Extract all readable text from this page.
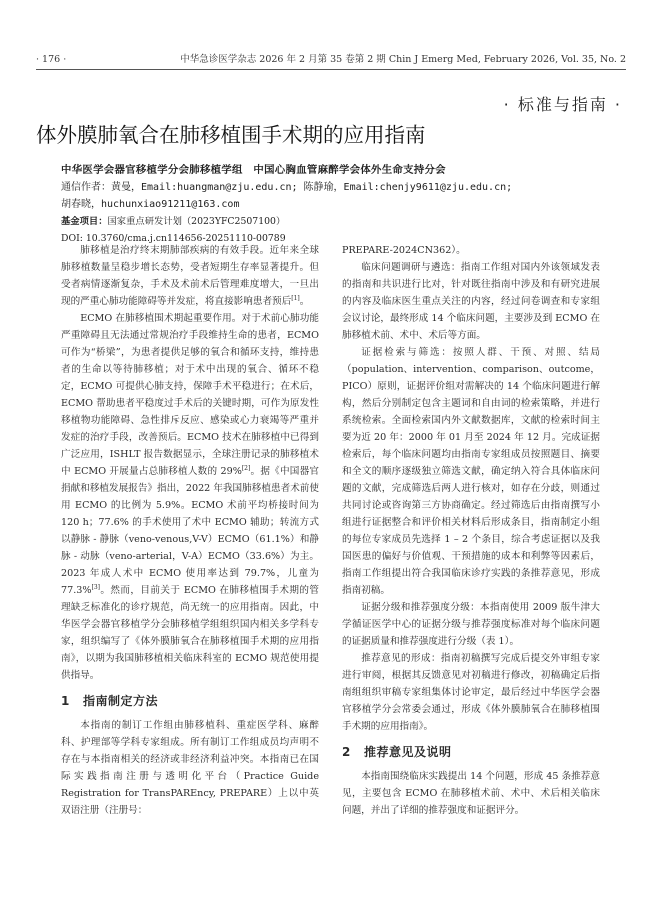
· 176 ·	中华急诊医学杂志 2026 年 2 月第 35 卷第 2 期 Chin J Emerg Med, February 2026, Vol. 35, No. 2
· 标准与指南 ·
体外膜肺氧合在肺移植围手术期的应用指南
中华医学会器官移植学分会肺移植学组　中国心胸血管麻醉学会体外生命支持分会
通信作者：黄曼，Email:huangman@zju.edu.cn; 陈静瑜，Email:chenjy9611@zju.edu.cn;
胡春晓，huchunxiao91211@163.com
基金项目：国家重点研发计划（2023YFC2507100）
DOI: 10.3760/cma.j.cn114656-20251110-00789

肺移植是治疗终末期肺部疾病的有效手段。近年来全球肺移植数量呈稳步增长态势，受者短期生存率显著提升。但受者病情逐渐复杂，手术及术前术后管理难度增大，一旦出现的严重心肺功能障碍等并发症，将直接影响患者预后[1]。

ECMO 在肺移植围术期起重要作用。对于术前心肺功能严重障碍且无法通过常规治疗手段维持生命的患者，ECMO 可作为“桥梁”，为患者提供足够的氧合和循环支持，维持患者的生命以等待肺移植；对于术中出现的氧合、循环不稳定，ECMO 可提供心肺支持，保障手术平稳进行；在术后，ECMO 帮助患者平稳度过手术后的关键时期，可作为原发性移植物功能障碍、急性排斥反应、感染或心力衰竭等严重并发症的治疗手段，改善预后。ECMO 技术在肺移植中已得到广泛应用，ISHLT 报告数据显示，全球注册记录的肺移植术中 ECMO 开展量占总肺移植人数的 29%[2]。据《中国器官捐献和移植发展报告》指出，2022 年我国肺移植患者术前使用 ECMO 的比例为 5.9%。ECMO 术前平均桥接时间为 120 h；77.6% 的手术使用了术中 ECMO 辅助；转流方式以静脉 - 静脉（veno-venous,V-V）ECMO（61.1%）和静脉 - 动脉（veno-arterial，V-A）ECMO（33.6%）为主。2023 年成人术中 ECMO 使用率达到 79.7%，儿童为 77.3%[3]。然而，目前关于 ECMO 在肺移植围手术期的管理缺乏标准化的诊疗规范，尚无统一的应用指南。因此，中华医学会器官移植学分会肺移植学组组织国内相关多学科专家，组织编写了《体外膜肺氧合在肺移植围手术期的应用指南》，以期为我国肺移植相关临床科室的 ECMO 规范使用提供指导。

1 指南制定方法

本指南的制订工作组由肺移植科、重症医学科、麻醉科、护理部等学科专家组成。所有制订工作组成员均声明不存在与本指南相关的经济或非经济利益冲突。本指南已在国际实践指南注册与透明化平台（Practice Guide Registration for TransPAREncy, PREPARE）上以中英双语注册（注册号：

PREPARE-2024CN362）。

临床问题调研与遴选：指南工作组对国内外该领域发表的指南和共识进行比对，针对既往指南中涉及和有研究进展的内容及临床医生重点关注的内容，经过问卷调查和专家组会议讨论，最终形成 14 个临床问题，主要涉及到 ECMO 在肺移植术前、术中、术后等方面。

证据检索与筛选：按照人群、干预、对照、结局（population、intervention、comparison、outcome，PICO）原则，证据评价组对需解决的 14 个临床问题进行解构，然后分别制定包含主题词和自由词的检索策略，并进行系统检索。全面检索国内外文献数据库，文献的检索时间主要为近 20 年：2000 年 01 月至 2024 年 12 月。完成证据检索后，每个临床问题均由指南专家组成员按照题目、摘要和全文的顺序逐级独立筛选文献，确定纳入符合具体临床问题的文献，完成筛选后两人进行核对，如存在分歧，则通过共同讨论或咨询第三方协商确定。经过筛选后由指南撰写小组进行证据整合和评价相关材料后形成条目，指南制定小组的每位专家成员先选择 1 – 2 个条目，综合考虑证据以及我国医患的偏好与价值观、干预措施的成本和利弊等因素后，指南工作组提出符合我国临床诊疗实践的条推荐意见，形成指南初稿。

证据分级和推荐强度分级：本指南使用 2009 版牛津大学循证医学中心的证据分级与推荐强度标准对每个临床问题的证据质量和推荐强度进行分级（表 1）。

推荐意见的形成：指南初稿撰写完成后提交外审组专家进行审阅，根据其反馈意见对初稿进行修改，初稿确定后指南组组织审稿专家组集体讨论审定，最后经过中华医学会器官移植学分会常委会通过，形成《体外膜肺氧合在肺移植围手术期的应用指南》。

2 推荐意见及说明

本指南围绕临床实践提出 14 个问题，形成 45 条推荐意见，主要包含 ECMO 在肺移植术前、术中、术后相关临床问题，并出了详细的推荐强度和证据评分。
